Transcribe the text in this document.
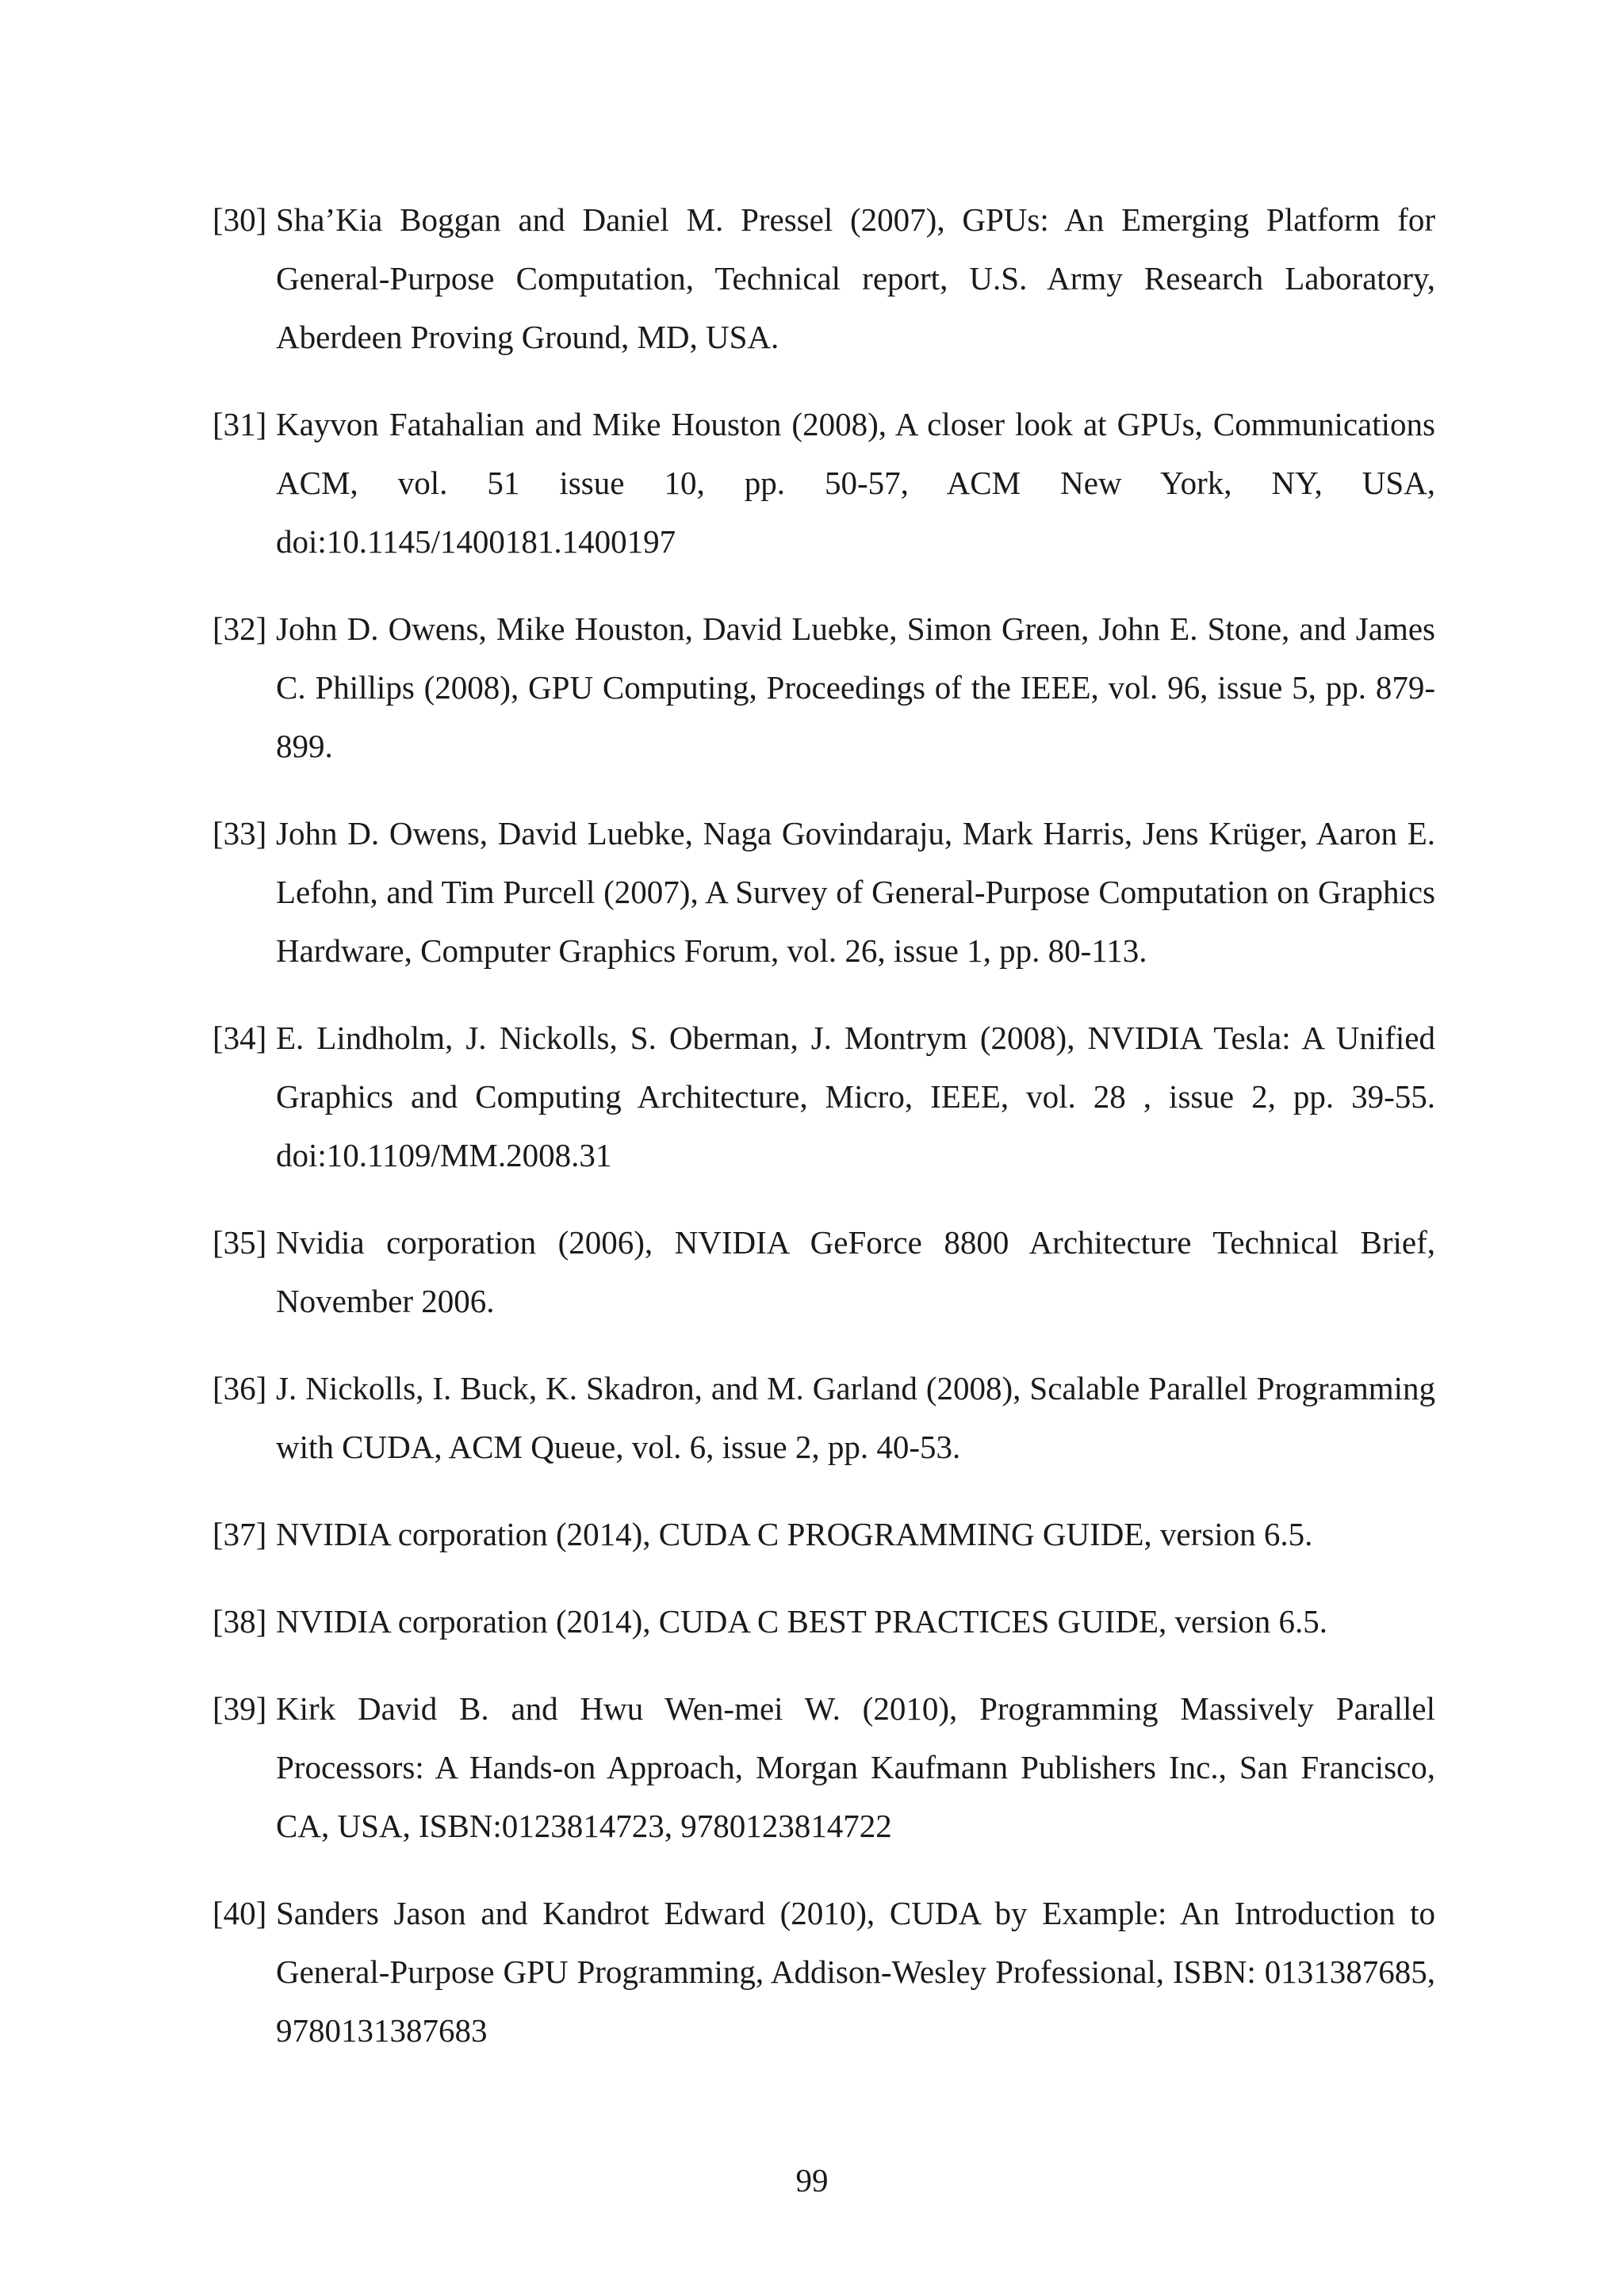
[30] Sha’Kia Boggan and Daniel M. Pressel (2007), GPUs: An Emerging Platform for General-Purpose Computation, Technical report, U.S. Army Research Laboratory, Aberdeen Proving Ground, MD, USA.
[31] Kayvon Fatahalian and Mike Houston (2008), A closer look at GPUs, Communications ACM, vol. 51 issue 10, pp. 50-57, ACM New York, NY, USA, doi:10.1145/1400181.1400197
[32] John D. Owens, Mike Houston, David Luebke, Simon Green, John E. Stone, and James C. Phillips (2008), GPU Computing, Proceedings of the IEEE, vol. 96, issue 5, pp. 879-899.
[33] John D. Owens, David Luebke, Naga Govindaraju, Mark Harris, Jens Krüger, Aaron E. Lefohn, and Tim Purcell (2007), A Survey of General-Purpose Computation on Graphics Hardware, Computer Graphics Forum, vol. 26, issue 1, pp. 80-113.
[34] E. Lindholm, J. Nickolls, S. Oberman, J. Montrym (2008), NVIDIA Tesla: A Unified Graphics and Computing Architecture, Micro, IEEE, vol. 28 , issue 2, pp. 39-55. doi:10.1109/MM.2008.31
[35] Nvidia corporation (2006), NVIDIA GeForce 8800 Architecture Technical Brief, November 2006.
[36] J. Nickolls, I. Buck, K. Skadron, and M. Garland (2008), Scalable Parallel Programming with CUDA, ACM Queue, vol. 6, issue 2, pp. 40-53.
[37] NVIDIA corporation (2014), CUDA C PROGRAMMING GUIDE, version 6.5.
[38] NVIDIA corporation (2014), CUDA C BEST PRACTICES GUIDE, version 6.5.
[39] Kirk David B. and Hwu Wen-mei W. (2010), Programming Massively Parallel Processors: A Hands-on Approach, Morgan Kaufmann Publishers Inc., San Francisco, CA, USA, ISBN:0123814723, 9780123814722
[40] Sanders Jason and Kandrot Edward (2010), CUDA by Example: An Introduction to General-Purpose GPU Programming, Addison-Wesley Professional, ISBN: 0131387685, 9780131387683
99
